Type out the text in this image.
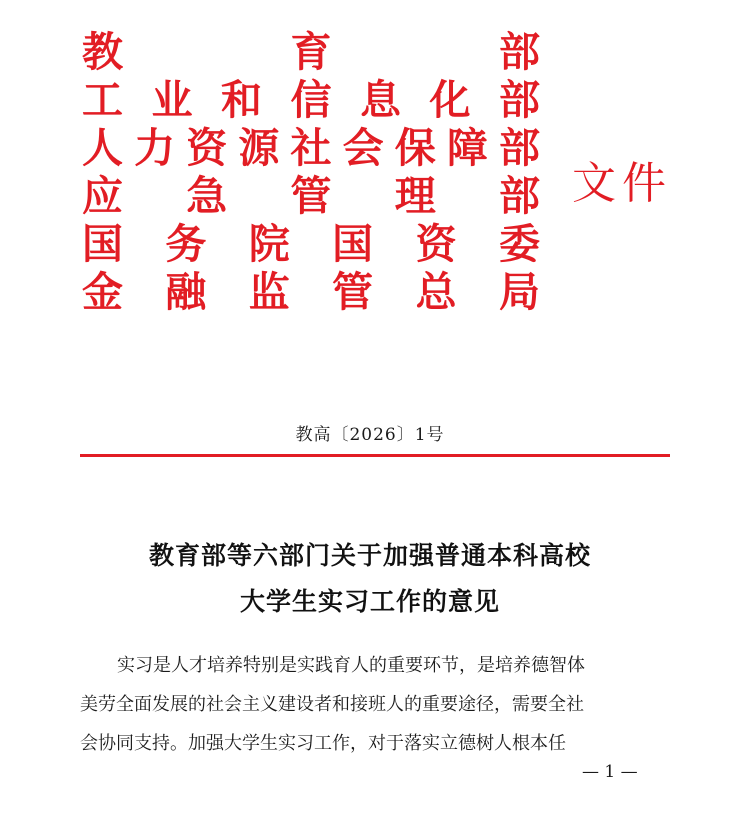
教	育	部
工 业 和 信 息 化 部
人 力 资 源 社 会 保 障 部
应 急 管 理 部
国 务 院 国 资 委
金 融 监 管 总 局
文件
教高〔2026〕1号
教育部等六部门关于加强普通本科高校
大学生实习工作的意见
实习是人才培养特别是实践育人的重要环节，是培养德智体
美劳全面发展的社会主义建设者和接班人的重要途径，需要全社
会协同支持。加强大学生实习工作，对于落实立德树人根本任
— 1 —
